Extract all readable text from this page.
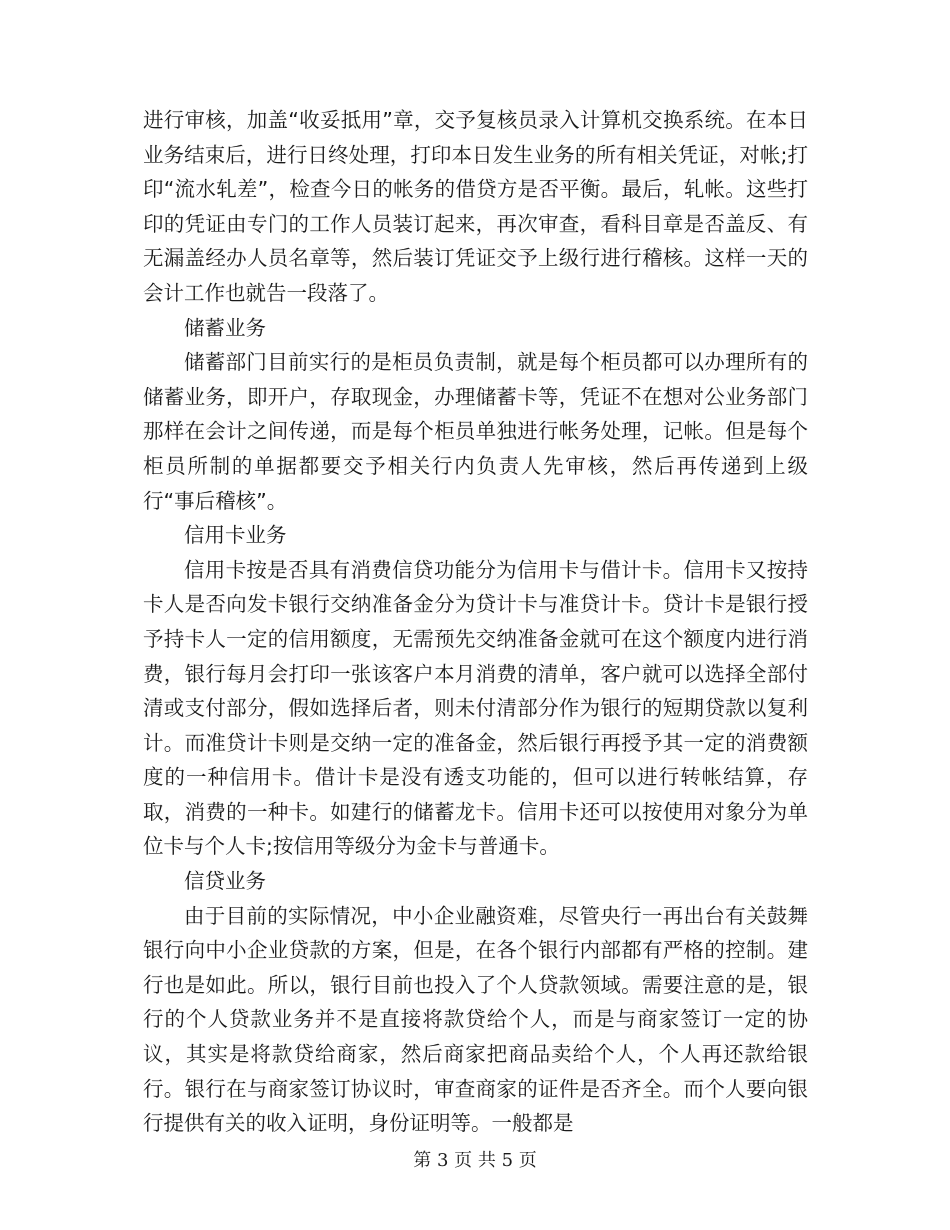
进行审核，加盖“收妥抵用”章，交予复核员录入计算机交换系统。在本日业务结束后，进行日终处理，打印本日发生业务的所有相关凭证，对帐;打印“流水轧差”，检查今日的帐务的借贷方是否平衡。最后，轧帐。这些打印的凭证由专门的工作人员装订起来，再次审查，看科目章是否盖反、有无漏盖经办人员名章等，然后装订凭证交予上级行进行稽核。这样一天的会计工作也就告一段落了。

储蓄业务

储蓄部门目前实行的是柜员负责制，就是每个柜员都可以办理所有的储蓄业务，即开户，存取现金，办理储蓄卡等，凭证不在想对公业务部门那样在会计之间传递，而是每个柜员单独进行帐务处理，记帐。但是每个柜员所制的单据都要交予相关行内负责人先审核，然后再传递到上级行“事后稽核”。

信用卡业务

信用卡按是否具有消费信贷功能分为信用卡与借计卡。信用卡又按持卡人是否向发卡银行交纳准备金分为贷计卡与准贷计卡。贷计卡是银行授予持卡人一定的信用额度，无需预先交纳准备金就可在这个额度内进行消费，银行每月会打印一张该客户本月消费的清单，客户就可以选择全部付清或支付部分，假如选择后者，则未付清部分作为银行的短期贷款以复利计。而准贷计卡则是交纳一定的准备金，然后银行再授予其一定的消费额度的一种信用卡。借计卡是没有透支功能的，但可以进行转帐结算，存取，消费的一种卡。如建行的储蓄龙卡。信用卡还可以按使用对象分为单位卡与个人卡;按信用等级分为金卡与普通卡。

信贷业务

由于目前的实际情况，中小企业融资难，尽管央行一再出台有关鼓舞银行向中小企业贷款的方案，但是，在各个银行内部都有严格的控制。建行也是如此。所以，银行目前也投入了个人贷款领域。需要注意的是，银行的个人贷款业务并不是直接将款贷给个人，而是与商家签订一定的协议，其实是将款贷给商家，然后商家把商品卖给个人，个人再还款给银行。银行在与商家签订协议时，审查商家的证件是否齐全。而个人要向银行提供有关的收入证明，身份证明等。一般都是

第 3 页 共 5 页
